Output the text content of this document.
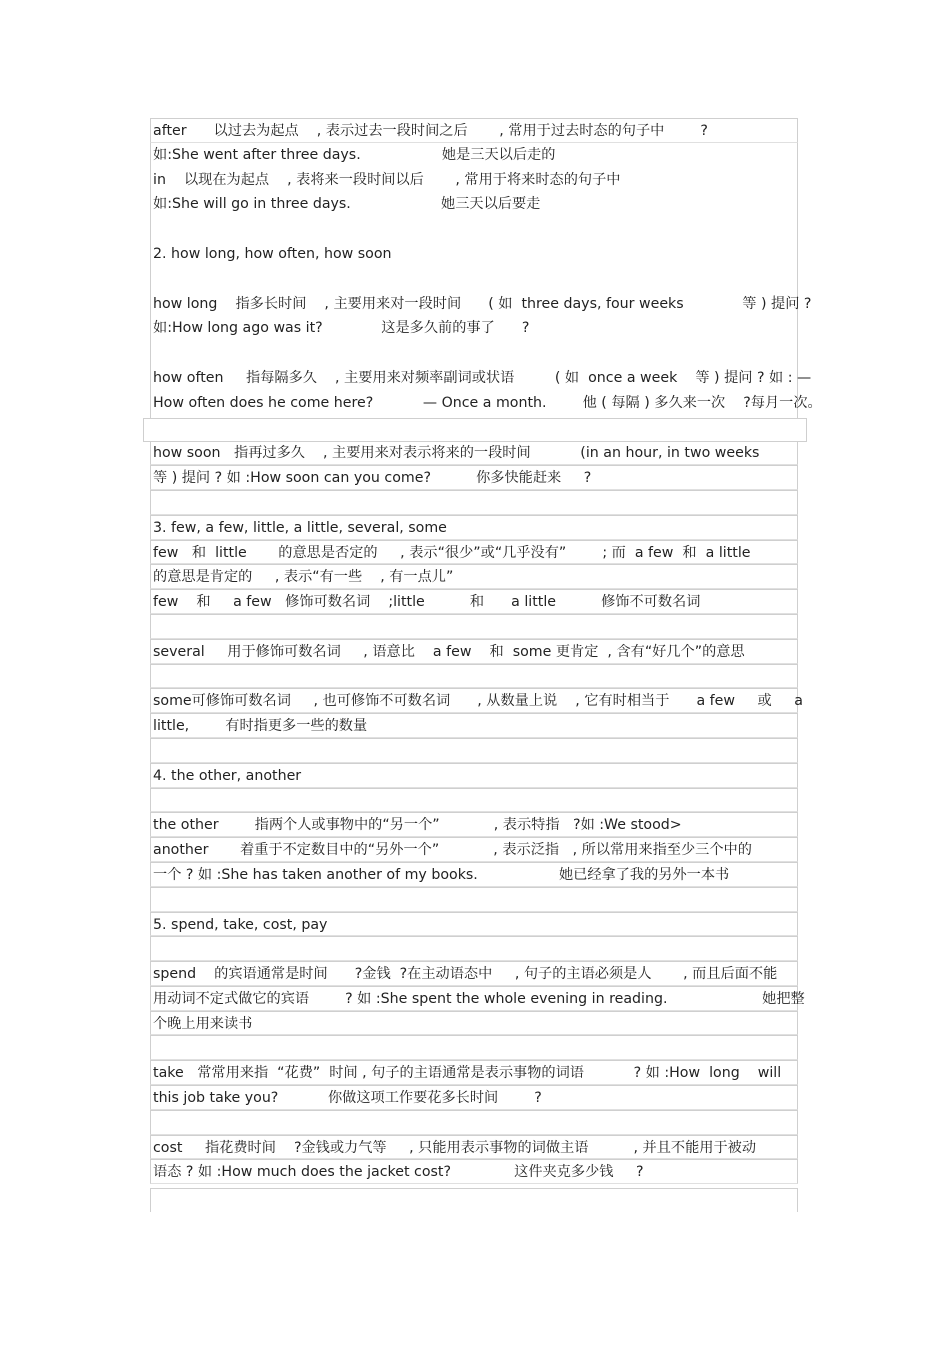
after      以过去为起点    , 表示过去一段时间之后       , 常用于过去时态的句子中        ?
如:She went after three days.                  她是三天以后走的
in    以现在为起点    , 表将来一段时间以后       , 常用于将来时态的句子中
如:She will go in three days.                    她三天以后要走
2. how long, how often, how soon
how long    指多长时间    , 主要用来对一段时间      ( 如  three days, four weeks             等 ) 提问 ?
如:How long ago was it?             这是多久前的事了      ?
how often     指每隔多久    , 主要用来对频率副词或状语         ( 如  once a week    等 ) 提问 ? 如 : —
How often does he come here?           — Once a month.        他 ( 每隔 ) 多久来一次    ?每月一次。
how soon   指再过多久    , 主要用来对表示将来的一段时间           (in an hour, in two weeks
等 ) 提问 ? 如 :How soon can you come?          你多快能赶来     ?
3. few, a few, little, a little, several, some
few   和  little       的意思是否定的     , 表示“很少”或“几乎没有”        ; 而  a few  和  a little
的意思是肯定的     , 表示“有一些    , 有一点儿”
few    和     a few   修饰可数名词    ;little          和      a little          修饰不可数名词
several     用于修饰可数名词     , 语意比    a few    和  some 更肯定  , 含有“好几个”的意思
some可修饰可数名词     , 也可修饰不可数名词      , 从数量上说    , 它有时相当于      a few     或     a
little,        有时指更多一些的数量
4. the other, another
the other        指两个人或事物中的“另一个”            , 表示特指   ?如 :We stood>
another       着重于不定数目中的“另外一个”            , 表示泛指   , 所以常用来指至少三个中的
一个 ? 如 :She has taken another of my books.                  她已经拿了我的另外一本书
5. spend, take, cost, pay
spend    的宾语通常是时间      ?金钱  ?在主动语态中     , 句子的主语必须是人       , 而且后面不能
用动词不定式做它的宾语        ? 如 :She spent the whole evening in reading.                     她把整
个晚上用来读书
take   常常用来指  “花费”  时间 , 句子的主语通常是表示事物的词语           ? 如 :How  long    will
this job take you?           你做这项工作要花多长时间        ?
cost     指花费时间    ?金钱或力气等     , 只能用表示事物的词做主语          , 并且不能用于被动
语态 ? 如 :How much does the jacket cost?              这件夹克多少钱     ?
